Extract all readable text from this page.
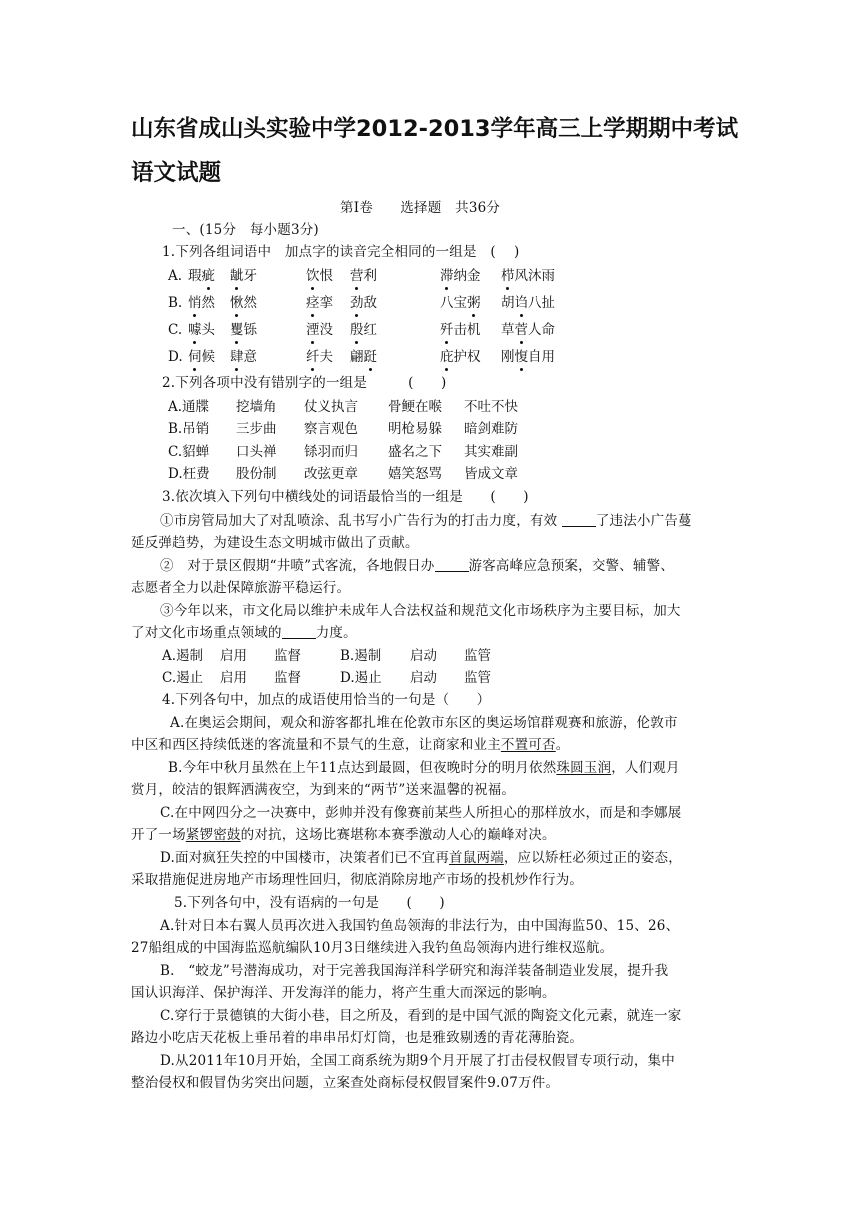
山东省成山头实验中学2012-2013学年高三上学期期中考试
语文试题
第Ⅰ卷　　选择题　共36分
一、(15分　每小题3分)
1.下列各组词语中　加点字的读音完全相同的一组是　(　 )
A. 瑕疵 龇牙	饮恨 营利	滞纳金 栉风沐雨
B. 悄然 愀然	痉挛 劲敌	八宝粥 胡诌八扯
C. 噱头 矍铄	湮没 殷红	歼击机 草菅人命
D. 伺候 肆意	纤夫 翩跹	庇护权 刚愎自用
2.下列各项中没有错别字的一组是　　　(　　)
A.通牒 挖墙角 仗义执言 骨鲠在喉 不吐不快
B.吊销 三步曲 察言观色 明枪易躲 暗剑难防
C.貂蝉 口头禅 铩羽而归 盛名之下 其实难副
D.枉费 股份制 改弦更章 嬉笑怒骂 皆成文章
3.依次填入下列句中横线处的词语最恰当的一组是　　(　　)
①市房管局加大了对乱喷涂、乱书写小广告行为的打击力度，有效	了违法小广告蔓
延反弹趋势，为建设生态文明城市做出了贡献。
②　对于景区假期“井喷”式客流，各地假日办	游客高峰应急预案，交警、辅警、
志愿者全力以赴保障旅游平稳运行。
③今年以来，市文化局以维护未成年人合法权益和规范文化市场秩序为主要目标，加大
了对文化市场重点领域的	力度。
A.遏制 启用 监督	B.遏制 启动 监管
C.遏止 启用 监督	D.遏止 启动 监管
4.下列各句中，加点的成语使用恰当的一句是（　　）
A.在奥运会期间，观众和游客都扎堆在伦敦市东区的奥运场馆群观赛和旅游，伦敦市
中区和西区持续低迷的客流量和不景气的生意，让商家和业主不置可否。
B.今年中秋月虽然在上午11点达到最圆，但夜晚时分的明月依然珠圆玉润，人们观月
赏月，皎洁的银辉洒满夜空，为到来的“两节”送来温馨的祝福。
C.在中网四分之一决赛中，彭帅并没有像赛前某些人所担心的那样放水，而是和李娜展
开了一场紧锣密鼓的对抗，这场比赛堪称本赛季激动人心的巅峰对决。
D.面对疯狂失控的中国楼市，决策者们已不宜再首鼠两端，应以矫枉必须过正的姿态，
采取措施促进房地产市场理性回归，彻底消除房地产市场的投机炒作行为。
5.下列各句中，没有语病的一句是　　(　　)
A.针对日本右翼人员再次进入我国钓鱼岛领海的非法行为，由中国海监50、15、26、
27船组成的中国海监巡航编队10月3日继续进入我钓鱼岛领海内进行维权巡航。
B.　“蛟龙”号潜海成功，对于完善我国海洋科学研究和海洋装备制造业发展，提升我
国认识海洋、保护海洋、开发海洋的能力，将产生重大而深远的影响。
C.穿行于景德镇的大街小巷，目之所及，看到的是中国气派的陶瓷文化元素，就连一家
路边小吃店天花板上垂吊着的串串吊灯灯筒，也是雅致剔透的青花薄胎瓷。
D.从2011年10月开始，全国工商系统为期9个月开展了打击侵权假冒专项行动，集中
整治侵权和假冒伪劣突出问题，立案查处商标侵权假冒案件9.07万件。
